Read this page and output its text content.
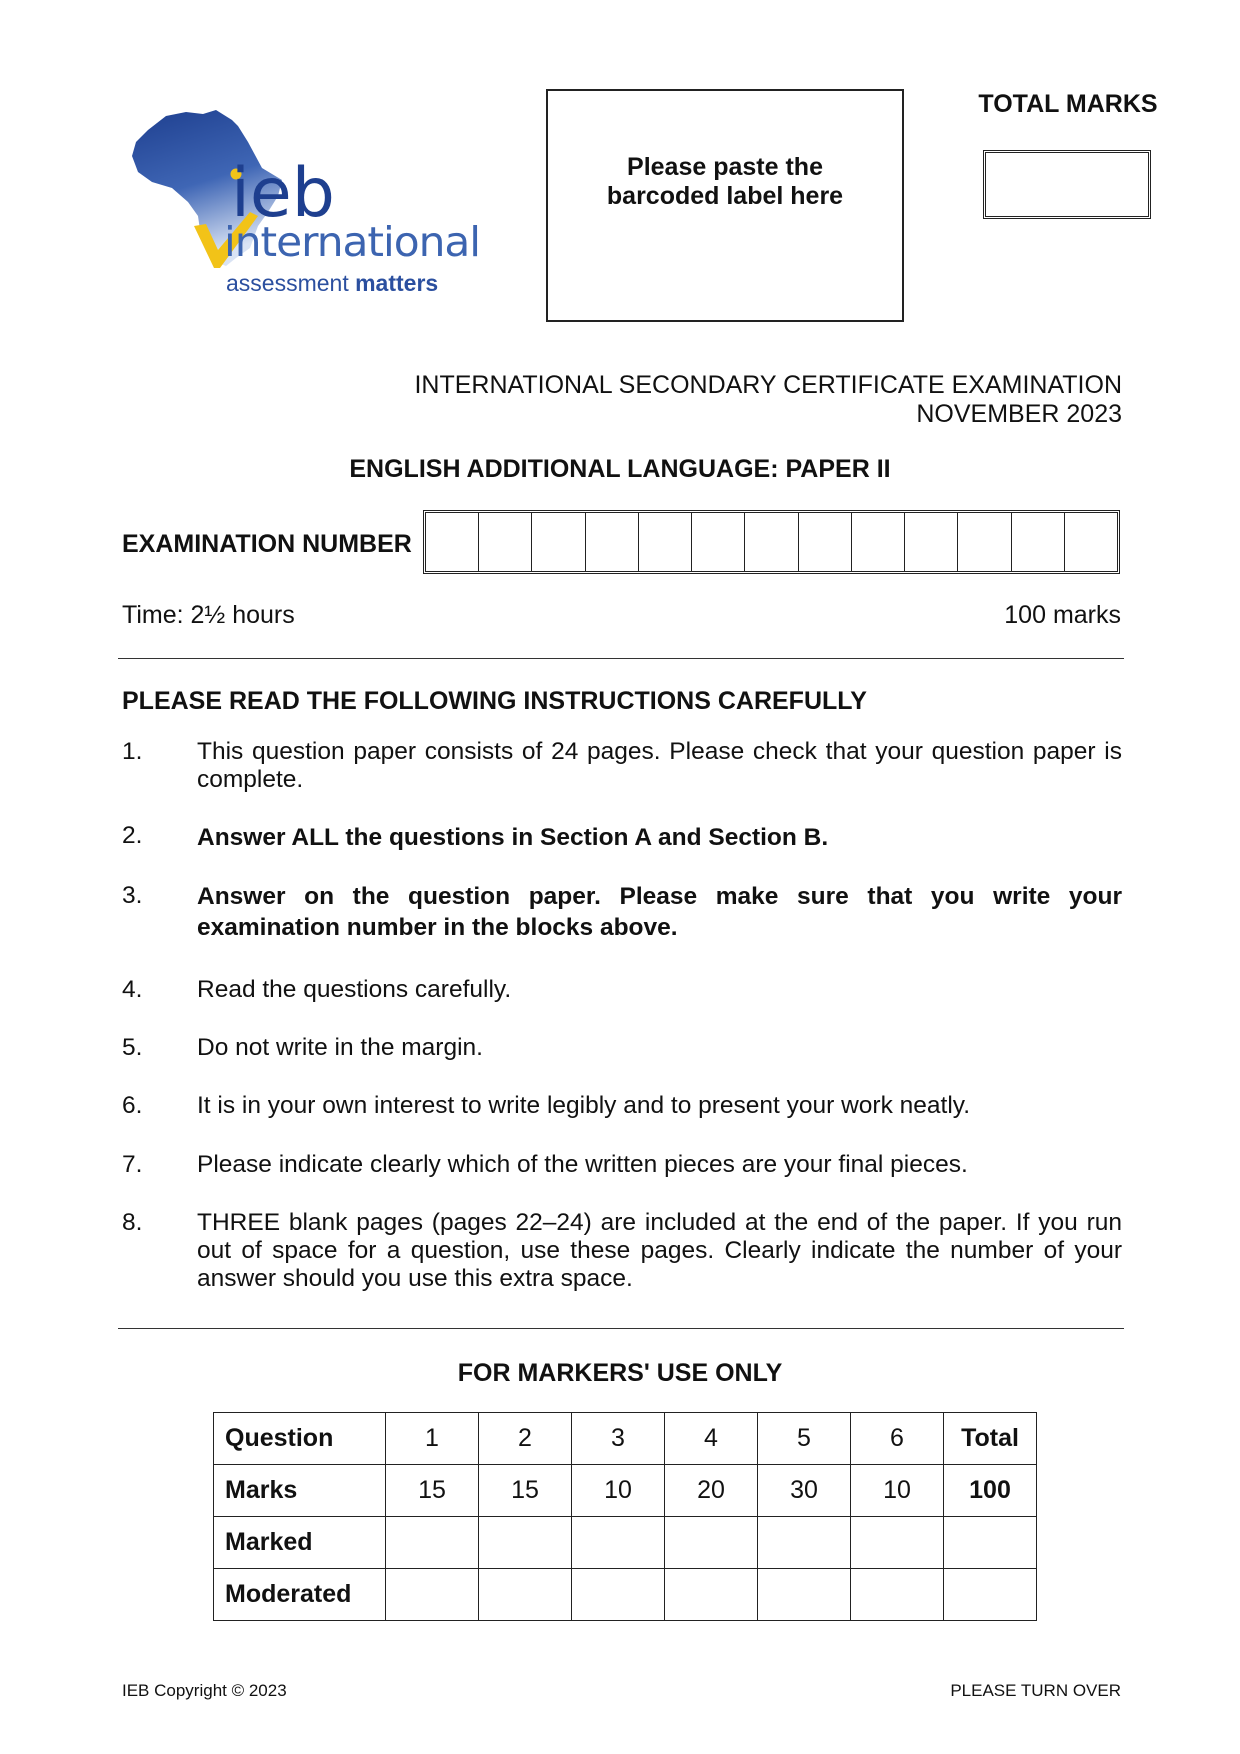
ieb
international
assessment matters
Please paste the barcoded label here
TOTAL MARKS
INTERNATIONAL SECONDARY CERTIFICATE EXAMINATION
NOVEMBER 2023
ENGLISH ADDITIONAL LANGUAGE: PAPER II
EXAMINATION NUMBER
Time: 2½ hours	100 marks
PLEASE READ THE FOLLOWING INSTRUCTIONS CAREFULLY
1. This question paper consists of 24 pages. Please check that your question paper is complete.
2. Answer ALL the questions in Section A and Section B.
3. Answer on the question paper. Please make sure that you write your examination number in the blocks above.
4. Read the questions carefully.
5. Do not write in the margin.
6. It is in your own interest to write legibly and to present your work neatly.
7. Please indicate clearly which of the written pieces are your final pieces.
8. THREE blank pages (pages 22–24) are included at the end of the paper. If you run out of space for a question, use these pages. Clearly indicate the number of your answer should you use this extra space.
FOR MARKERS' USE ONLY
Question	1	2	3	4	5	6	Total
Marks	15	15	10	20	30	10	100
Marked							
Moderated							
IEB Copyright © 2023	PLEASE TURN OVER
